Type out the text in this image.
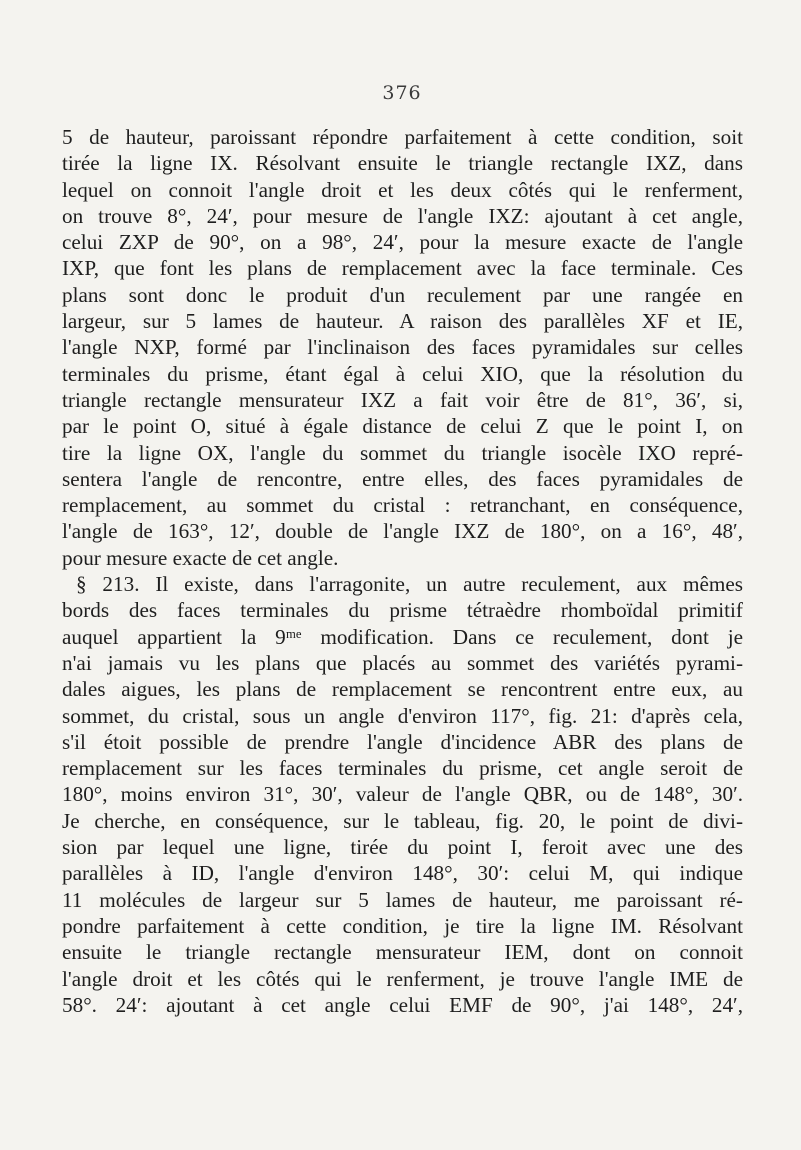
376
5 de hauteur, paroissant répondre parfaitement à cette condition, soit
tirée la ligne IX. Résolvant ensuite le triangle rectangle IXZ, dans
lequel on connoit l'angle droit et les deux côtés qui le renferment,
on trouve 8°, 24′, pour mesure de l'angle IXZ: ajoutant à cet angle,
celui ZXP de 90°, on a 98°, 24′, pour la mesure exacte de l'angle
IXP, que font les plans de remplacement avec la face terminale. Ces
plans sont donc le produit d'un reculement par une rangée en
largeur, sur 5 lames de hauteur. A raison des parallèles XF et IE,
l'angle NXP, formé par l'inclinaison des faces pyramidales sur celles
terminales du prisme, étant égal à celui XIO, que la résolution du
triangle rectangle mensurateur IXZ a fait voir être de 81°, 36′, si,
par le point O, situé à égale distance de celui Z que le point I, on
tire la ligne OX, l'angle du sommet du triangle isocèle IXO repré-
sentera l'angle de rencontre, entre elles, des faces pyramidales de
remplacement, au sommet du cristal : retranchant, en conséquence,
l'angle de 163°, 12′, double de l'angle IXZ de 180°, on a 16°, 48′,
pour mesure exacte de cet angle.
§ 213. Il existe, dans l'arragonite, un autre reculement, aux mêmes
bords des faces terminales du prisme tétraèdre rhomboïdal primitif
auquel appartient la 9ᵐᵉ modification. Dans ce reculement, dont je
n'ai jamais vu les plans que placés au sommet des variétés pyrami-
dales aigues, les plans de remplacement se rencontrent entre eux, au
sommet, du cristal, sous un angle d'environ 117°, fig. 21: d'après cela,
s'il étoit possible de prendre l'angle d'incidence ABR des plans de
remplacement sur les faces terminales du prisme, cet angle seroit de
180°, moins environ 31°, 30′, valeur de l'angle QBR, ou de 148°, 30′.
Je cherche, en conséquence, sur le tableau, fig. 20, le point de divi-
sion par lequel une ligne, tirée du point I, feroit avec une des
parallèles à ID, l'angle d'environ 148°, 30′: celui M, qui indique
11 molécules de largeur sur 5 lames de hauteur, me paroissant ré-
pondre parfaitement à cette condition, je tire la ligne IM. Résolvant
ensuite le triangle rectangle mensurateur IEM, dont on connoit
l'angle droit et les côtés qui le renferment, je trouve l'angle IME de
58°. 24′: ajoutant à cet angle celui EMF de 90°, j'ai 148°, 24′,
